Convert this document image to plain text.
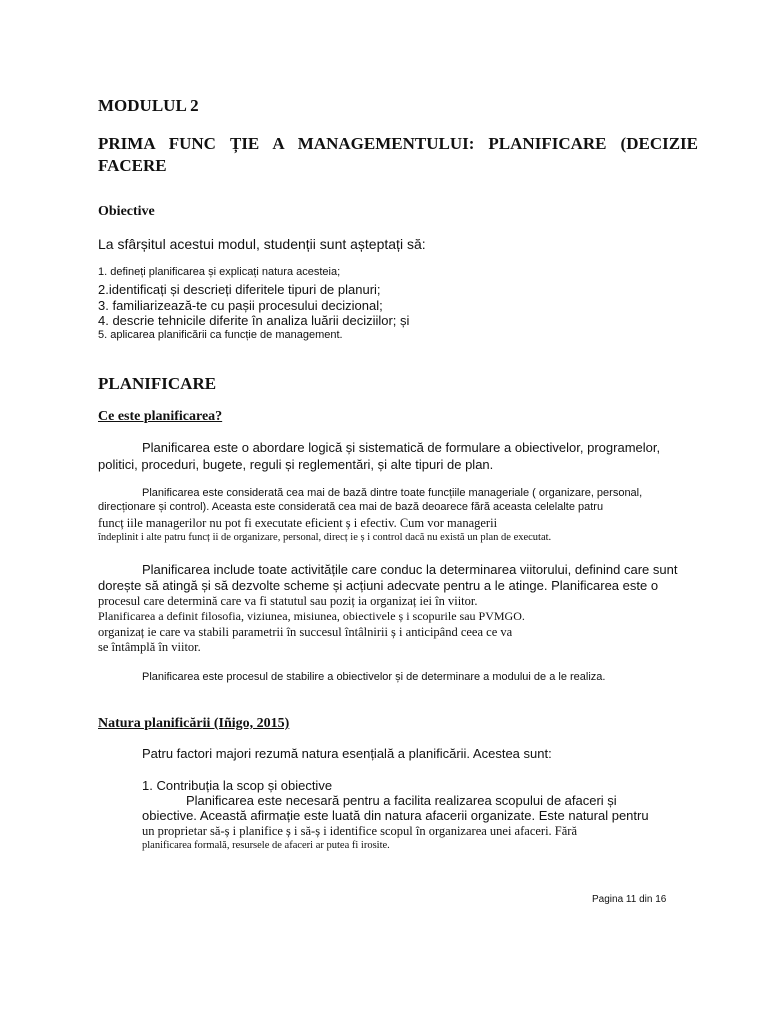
MODULUL 2
PRIMA FUNC ȚIE A MANAGEMENTULUI: PLANIFICARE (DECIZIE
FACERE
Obiective
La sfârșitul acestui modul, studenții sunt așteptați să:
1. defineți planificarea și explicați natura acesteia;
2.identificați și descrieți diferitele tipuri de planuri;
3. familiarizează-te cu pașii procesului decizional;
4. descrie tehnicile diferite în analiza luării deciziilor; și
5. aplicarea planificării ca funcție de management.
PLANIFICARE
Ce este planificarea?
Planificarea este o abordare logică și sistematică de formulare a obiectivelor, programelor,
politici, proceduri, bugete, reguli și reglementări, și alte tipuri de plan.
Planificarea este considerată cea mai de bază dintre toate funcțiile manageriale ( organizare, personal,
direcționare și control). Aceasta este considerată cea mai de bază deoarece fără aceasta celelalte patru
funcț iile managerilor nu pot fi executate eficient ș i efectiv. Cum vor managerii
îndeplinit i alte patru funcț ii de organizare, personal, direcț ie ș i control dacă nu există un plan de executat.
Planificarea include toate activitățile care conduc la determinarea viitorului, definind care sunt
dorește să atingă și să dezvolte scheme și acțiuni adecvate pentru a le atinge. Planificarea este o
procesul care determină care va fi statutul sau poziț ia organizaț iei în viitor.
Planificarea a definit filosofia, viziunea, misiunea, obiectivele ș i scopurile sau PVMGO.
organizaț ie care va stabili parametrii în succesul întâlnirii ș i anticipând ceea ce va
se întâmplă în viitor.
Planificarea este procesul de stabilire a obiectivelor și de determinare a modului de a le realiza.
Natura planificării (Iñigo, 2015)
Patru factori majori rezumă natura esențială a planificării. Acestea sunt:
1. Contribuția la scop și obiective
Planificarea este necesară pentru a facilita realizarea scopului de afaceri și
obiective. Această afirmație este luată din natura afacerii organizate. Este natural pentru
un proprietar să-ș i planifice ș i să-ș i identifice scopul în organizarea unei afaceri. Fără
planificarea formală, resursele de afaceri ar putea fi irosite.
Pagina 11 din 16
